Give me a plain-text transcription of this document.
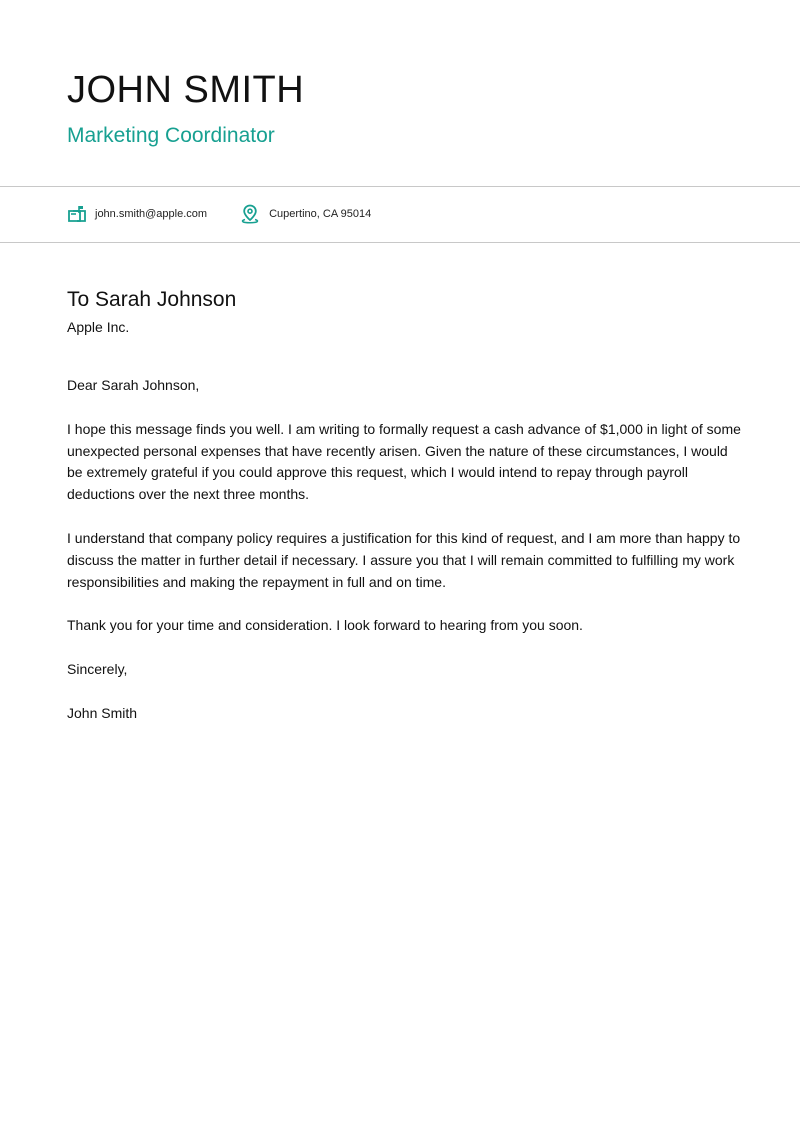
JOHN SMITH
Marketing Coordinator
john.smith@apple.com	Cupertino, CA 95014
To Sarah Johnson
Apple Inc.

Dear Sarah Johnson,

I hope this message finds you well. I am writing to formally request a cash advance of $1,000 in light of some unexpected personal expenses that have recently arisen. Given the nature of these circumstances, I would be extremely grateful if you could approve this request, which I would intend to repay through payroll deductions over the next three months.

I understand that company policy requires a justification for this kind of request, and I am more than happy to discuss the matter in further detail if necessary. I assure you that I will remain committed to fulfilling my work responsibilities and making the repayment in full and on time.

Thank you for your time and consideration. I look forward to hearing from you soon.

Sincerely,

John Smith
